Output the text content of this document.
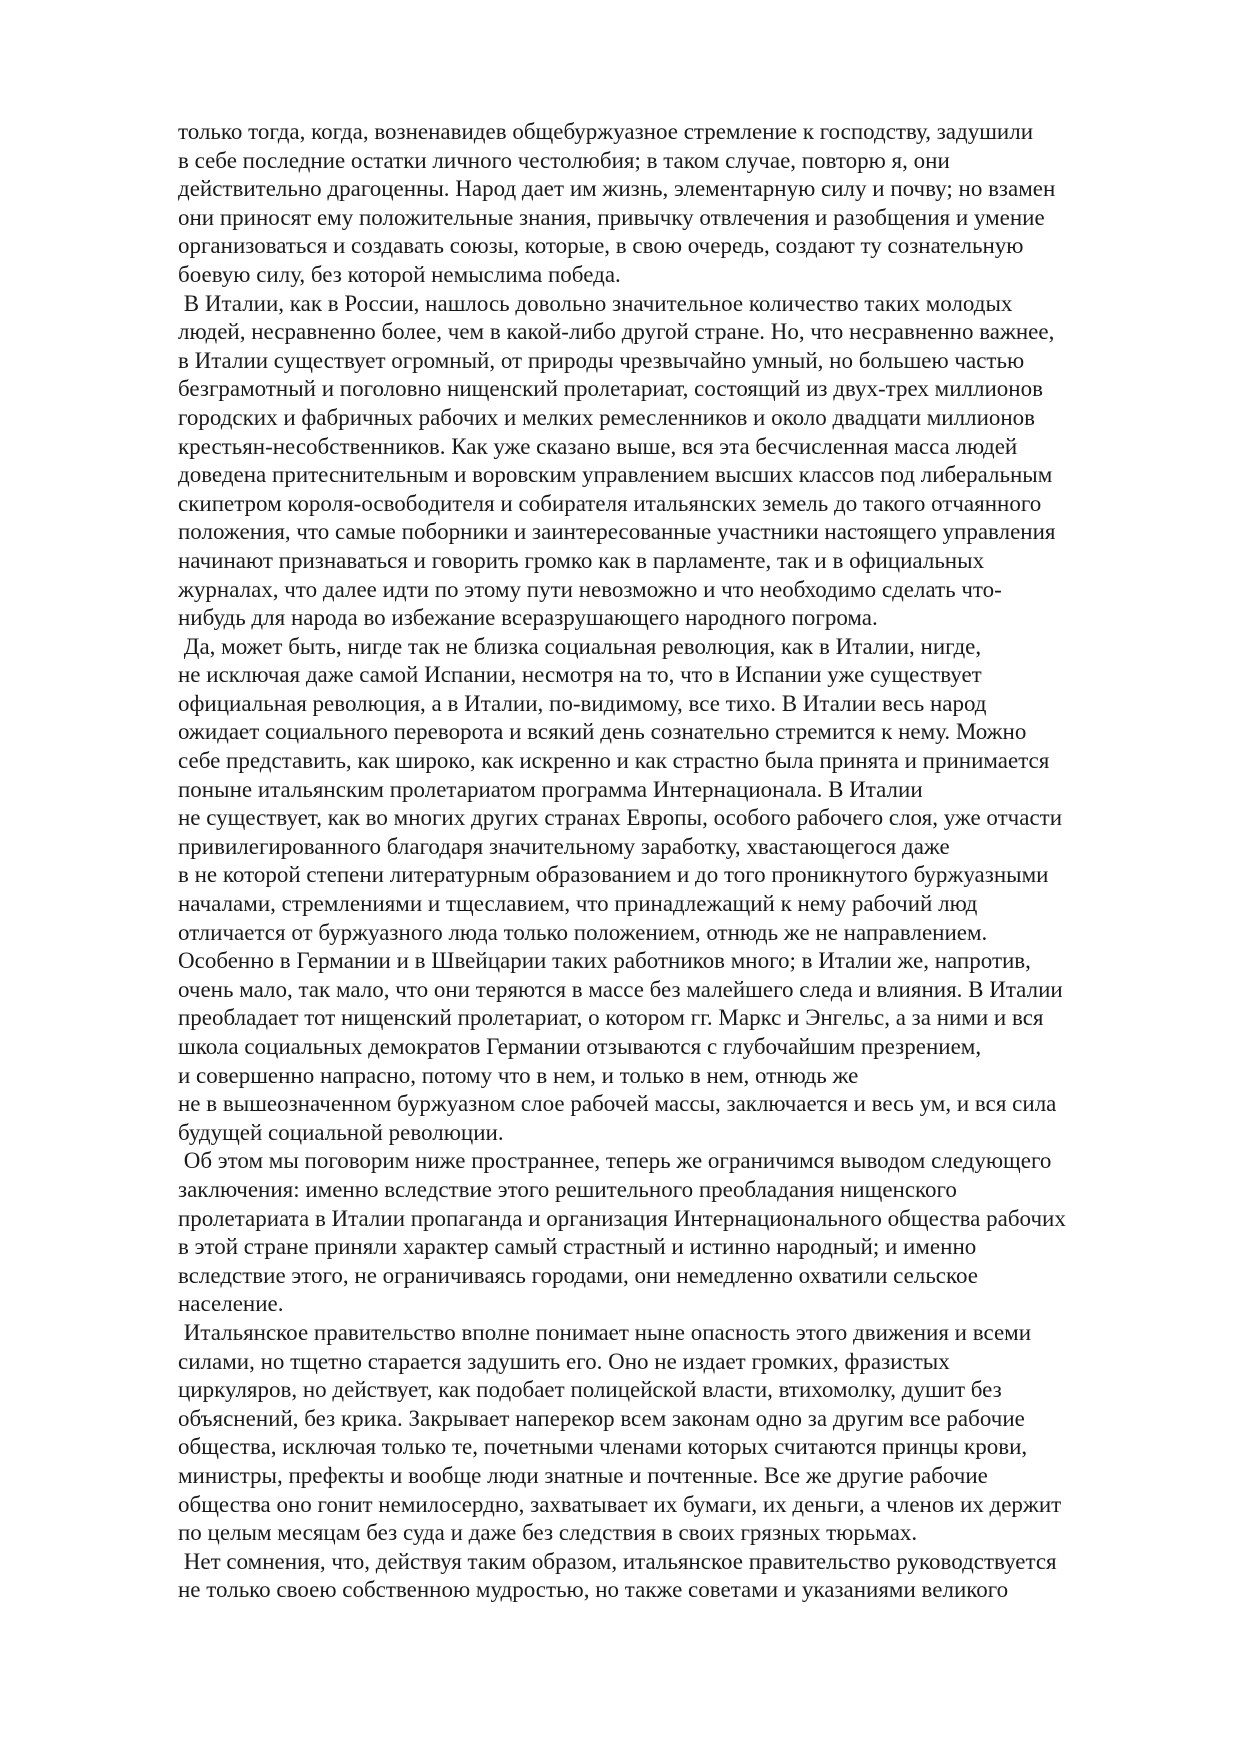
только тогда, когда, возненавидев общебуржуазное стремление к господству, задушили
в себе последние остатки личного честолюбия; в таком случае, повторю я, они
действительно драгоценны. Народ дает им жизнь, элементарную силу и почву; но взамен
они приносят ему положительные знания, привычку отвлечения и разобщения и умение
организоваться и создавать союзы, которые, в свою очередь, создают ту сознательную
боевую силу, без которой немыслима победа.
В Италии, как в России, нашлось довольно значительное количество таких молодых
людей, несравненно более, чем в какой-либо другой стране. Но, что несравненно важнее,
в Италии существует огромный, от природы чрезвычайно умный, но большею частью
безграмотный и поголовно нищенский пролетариат, состоящий из двух-трех миллионов
городских и фабричных рабочих и мелких ремесленников и около двадцати миллионов
крестьян-несобственников. Как уже сказано выше, вся эта бесчисленная масса людей
доведена притеснительным и воровским управлением высших классов под либеральным
скипетром короля-освободителя и собирателя итальянских земель до такого отчаянного
положения, что самые поборники и заинтересованные участники настоящего управления
начинают признаваться и говорить громко как в парламенте, так и в официальных
журналах, что далее идти по этому пути невозможно и что необходимо сделать что-
нибудь для народа во избежание всеразрушающего народного погрома.
Да, может быть, нигде так не близка социальная революция, как в Италии, нигде,
не исключая даже самой Испании, несмотря на то, что в Испании уже существует
официальная революция, а в Италии, по-видимому, все тихо. В Италии весь народ
ожидает социального переворота и всякий день сознательно стремится к нему. Можно
себе представить, как широко, как искренно и как страстно была принята и принимается
поныне итальянским пролетариатом программа Интернационала. В Италии
не существует, как во многих других странах Европы, особого рабочего слоя, уже отчасти
привилегированного благодаря значительному заработку, хвастающегося даже
в не которой степени литературным образованием и до того проникнутого буржуазными
началами, стремлениями и тщеславием, что принадлежащий к нему рабочий люд
отличается от буржуазного люда только положением, отнюдь же не направлением.
Особенно в Германии и в Швейцарии таких работников много; в Италии же, напротив,
очень мало, так мало, что они теряются в массе без малейшего следа и влияния. В Италии
преобладает тот нищенский пролетариат, о котором гг. Маркс и Энгельс, а за ними и вся
школа социальных демократов Германии отзываются с глубочайшим презрением,
и совершенно напрасно, потому что в нем, и только в нем, отнюдь же
не в вышеозначенном буржуазном слое рабочей массы, заключается и весь ум, и вся сила
будущей социальной революции.
Об этом мы поговорим ниже пространнее, теперь же ограничимся выводом следующего
заключения: именно вследствие этого решительного преобладания нищенского
пролетариата в Италии пропаганда и организация Интернационального общества рабочих
в этой стране приняли характер самый страстный и истинно народный; и именно
вследствие этого, не ограничиваясь городами, они немедленно охватили сельское
население.
Итальянское правительство вполне понимает ныне опасность этого движения и всеми
силами, но тщетно старается задушить его. Оно не издает громких, фразистых
циркуляров, но действует, как подобает полицейской власти, втихомолку, душит без
объяснений, без крика. Закрывает наперекор всем законам одно за другим все рабочие
общества, исключая только те, почетными членами которых считаются принцы крови,
министры, префекты и вообще люди знатные и почтенные. Все же другие рабочие
общества оно гонит немилосердно, захватывает их бумаги, их деньги, а членов их держит
по целым месяцам без суда и даже без следствия в своих грязных тюрьмах.
Нет сомнения, что, действуя таким образом, итальянское правительство руководствуется
не только своею собственною мудростью, но также советами и указаниями великого
